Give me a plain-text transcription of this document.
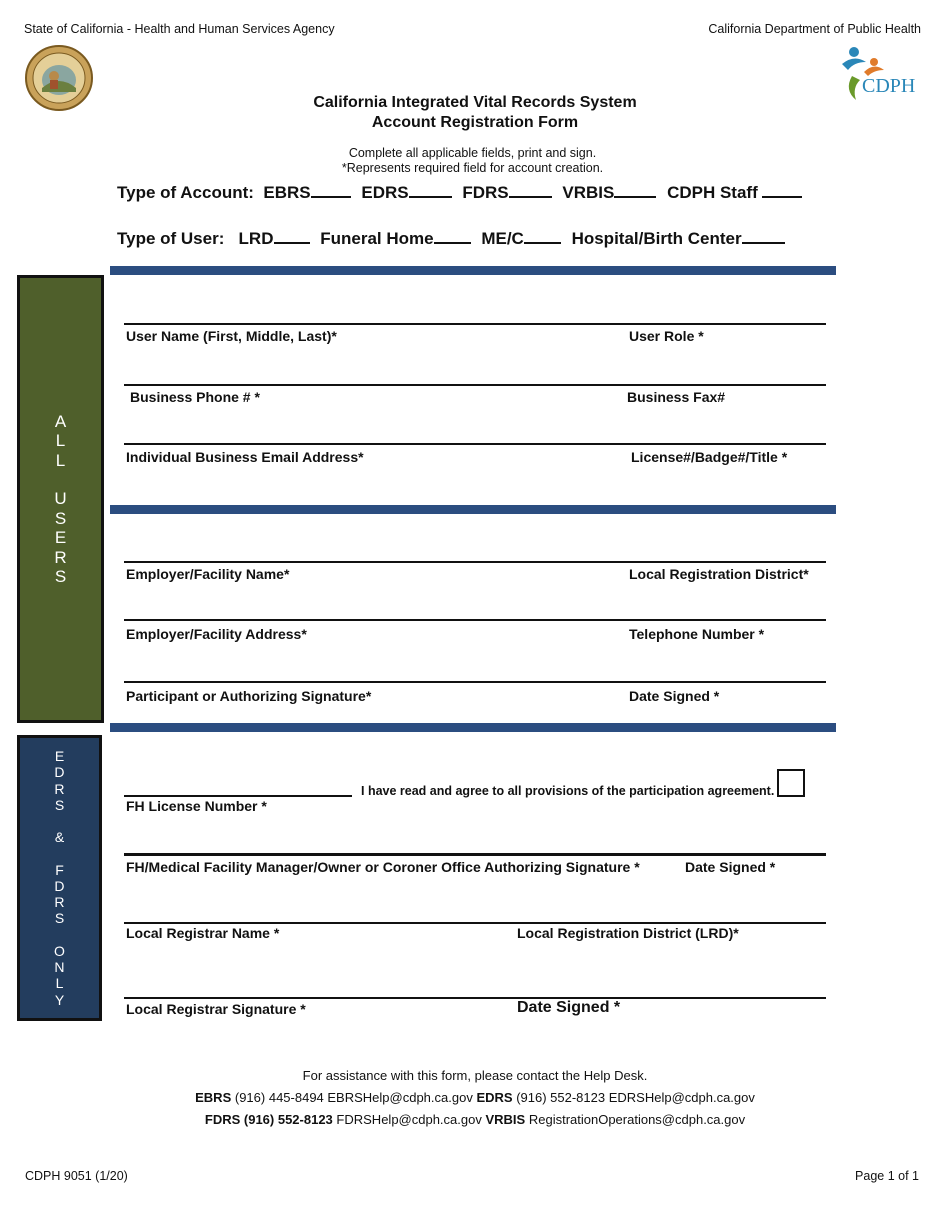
State of California - Health and Human Services Agency	California Department of Public Health
CDPH
California Integrated Vital Records System
Account Registration Form
Complete all applicable fields, print and sign.
*Represents required field for account creation.
Type of Account: EBRS	EDRS	FDRS	VRBIS	CDPH Staff
Type of User: LRD	Funeral Home	ME/C	Hospital/Birth Center
A
L
L
U
S
E
R
S
E
D
R
S
&
F
D
R
S
O
N
L
Y
User Name (First, Middle, Last)*	User Role *
Business Phone # *	Business Fax#
Individual Business Email Address*	License#/Badge#/Title *
Employer/Facility Name*	Local Registration District*
Employer/Facility Address*	Telephone Number *
Participant or Authorizing Signature*	Date Signed *
I have read and agree to all provisions of the participation agreement.
FH License Number *
FH/Medical Facility Manager/Owner or Coroner Office Authorizing Signature *	Date Signed *
Local Registrar Name *	Local Registration District (LRD)*
Local Registrar Signature *	Date Signed *
For assistance with this form, please contact the Help Desk.
EBRS (916) 445-8494 EBRSHelp@cdph.ca.gov EDRS (916) 552-8123 EDRSHelp@cdph.ca.gov
FDRS (916) 552-8123 FDRSHelp@cdph.ca.gov VRBIS RegistrationOperations@cdph.ca.gov
CDPH 9051 (1/20)	Page 1 of 1
